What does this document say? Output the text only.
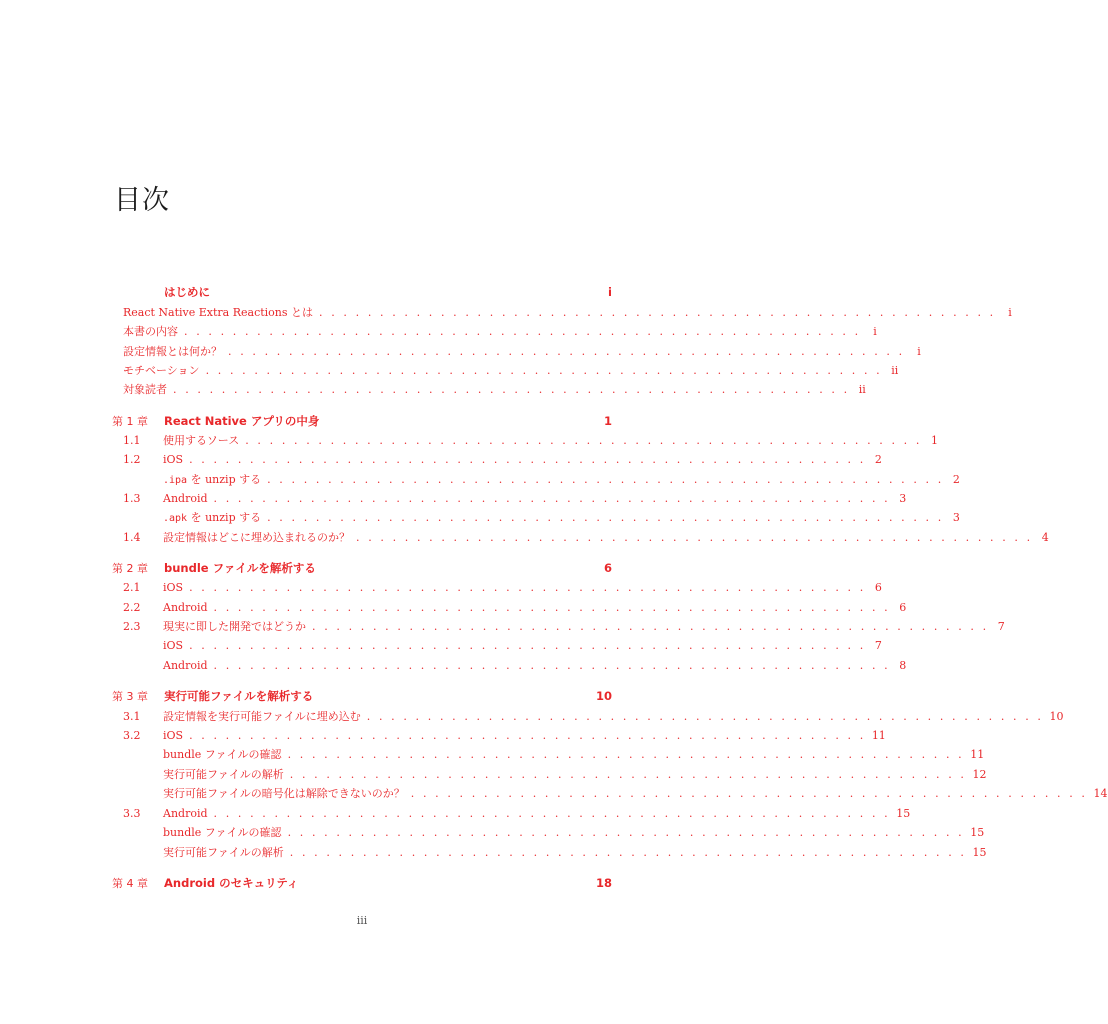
目次
はじめに	i
React Native Extra Reactions とは . . . . . . . . . . . . . . . . . . . . . . . . . . . . . . . . . . . . . . . . . . . . . . . . . . . . . . . .	i
本書の内容 . . . . . . . . . . . . . . . . . . . . . . . . . . . . . . . . . . . . . . . . . . . . . . . . . . . . . . . .	i
設定情報とは何か？ . . . . . . . . . . . . . . . . . . . . . . . . . . . . . . . . . . . . . . . . . . . . . . . . . . . . . . . .	i
モチベーション . . . . . . . . . . . . . . . . . . . . . . . . . . . . . . . . . . . . . . . . . . . . . . . . . . . . . . . . ii
対象読者 . . . . . . . . . . . . . . . . . . . . . . . . . . . . . . . . . . . . . . . . . . . . . . . . . . . . . . . . ii
第 1 章	React Native アプリの中身	1
1.1	使用するソース . . . . . . . . . . . . . . . . . . . . . . . . . . . . . . . . . . . . . . . . . . . . . . . . . . . . . . . . 1
1.2	iOS . . . . . . . . . . . . . . . . . . . . . . . . . . . . . . . . . . . . . . . . . . . . . . . . . . . . . . . . 2
.ipa を unzip する . . . . . . . . . . . . . . . . . . . . . . . . . . . . . . . . . . . . . . . . . . . . . . . . . . . . . . . . 2
1.3	Android . . . . . . . . . . . . . . . . . . . . . . . . . . . . . . . . . . . . . . . . . . . . . . . . . . . . . . . . 3
.apk を unzip する . . . . . . . . . . . . . . . . . . . . . . . . . . . . . . . . . . . . . . . . . . . . . . . . . . . . . . . . 3
1.4	設定情報はどこに埋め込まれるのか？ . . . . . . . . . . . . . . . . . . . . . . . . . . . . . . . . . . . . . . . . . . . . . . . . . . . . . . . . 4
第 2 章	bundle ファイルを解析する	6
2.1	iOS . . . . . . . . . . . . . . . . . . . . . . . . . . . . . . . . . . . . . . . . . . . . . . . . . . . . . . . . 6
2.2	Android . . . . . . . . . . . . . . . . . . . . . . . . . . . . . . . . . . . . . . . . . . . . . . . . . . . . . . . . 6
2.3	現実に即した開発ではどうか . . . . . . . . . . . . . . . . . . . . . . . . . . . . . . . . . . . . . . . . . . . . . . . . . . . . . . . . 7
iOS . . . . . . . . . . . . . . . . . . . . . . . . . . . . . . . . . . . . . . . . . . . . . . . . . . . . . . . . 7
Android . . . . . . . . . . . . . . . . . . . . . . . . . . . . . . . . . . . . . . . . . . . . . . . . . . . . . . . . 8
第 3 章	実行可能ファイルを解析する	10
3.1	設定情報を実行可能ファイルに埋め込む . . . . . . . . . . . . . . . . . . . . . . . . . . . . . . . . . . . . . . . . . . . . . . . . . . . . . . . . 10
3.2	iOS . . . . . . . . . . . . . . . . . . . . . . . . . . . . . . . . . . . . . . . . . . . . . . . . . . . . . . . . 11
bundle ファイルの確認 . . . . . . . . . . . . . . . . . . . . . . . . . . . . . . . . . . . . . . . . . . . . . . . . . . . . . . . . 11
実行可能ファイルの解析 . . . . . . . . . . . . . . . . . . . . . . . . . . . . . . . . . . . . . . . . . . . . . . . . . . . . . . . . 12
実行可能ファイルの暗号化は解除できないのか？ . . . . . . . . . . . . . . . . . . . . . . . . . . . . . . . . . . . . . . . . . . . . . . . . . . . . . . . . 14
3.3	Android . . . . . . . . . . . . . . . . . . . . . . . . . . . . . . . . . . . . . . . . . . . . . . . . . . . . . . . . 15
bundle ファイルの確認 . . . . . . . . . . . . . . . . . . . . . . . . . . . . . . . . . . . . . . . . . . . . . . . . . . . . . . . . 15
実行可能ファイルの解析 . . . . . . . . . . . . . . . . . . . . . . . . . . . . . . . . . . . . . . . . . . . . . . . . . . . . . . . . 15
第 4 章	Android のセキュリティ	18
iii
